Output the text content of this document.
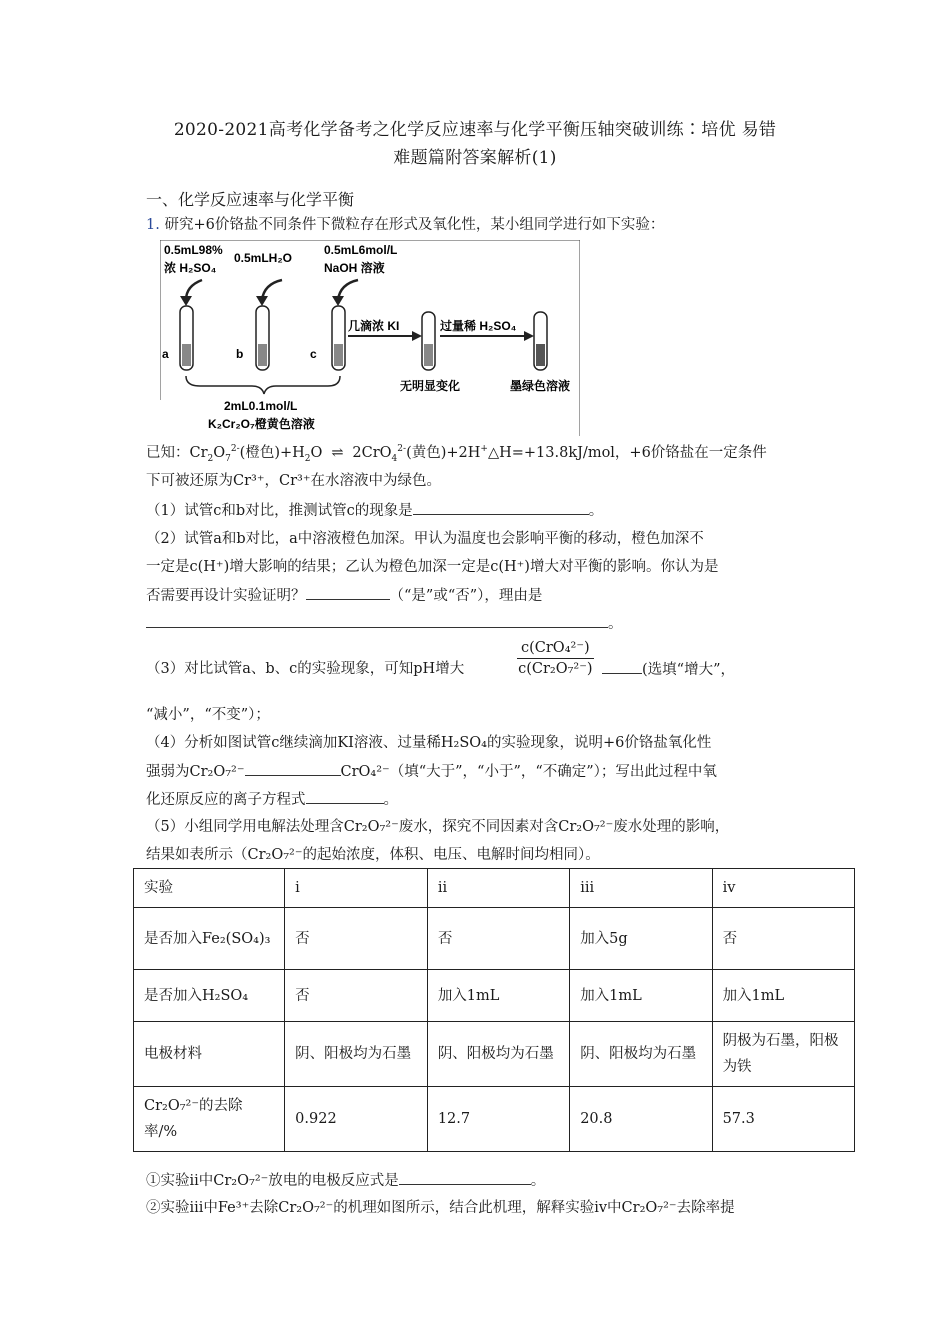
2020-2021高考化学备考之化学反应速率与化学平衡压轴突破训练∶培优 易错
难题篇附答案解析(1)
一、化学反应速率与化学平衡
1. 研究+6价铬盐不同条件下微粒存在形式及氧化性，某小组同学进行如下实验：
0.5mL98%
浓 H₂SO₄
0.5mLH₂O
0.5mL6mol/L
NaOH 溶液
a	b	c
几滴浓 KI	过量稀 H₂SO₄
无明显变化	墨绿色溶液
2mL0.1mol/L
K₂Cr₂O₇橙黄色溶液
已知：$Cr_2O_7^{2-}$(橙色)$+H_2O$ ⇌ 2CrO$_4^{2-}$(黄色)+2H+△H=+13.8kJ/mol，+6价铬盐在一定条件
下可被还原为Cr³⁺，Cr³⁺在水溶液中为绿色。
（1）试管c和b对比，推测试管c的现象是	。
（2）试管a和b对比，a中溶液橙色加深。甲认为温度也会影响平衡的移动，橙色加深不
一定是c(H⁺)增大影响的结果；乙认为橙色加深一定是c(H⁺)增大对平衡的影响。你认为是
否需要再设计实验证明？	（“是”或“否”），理由是
。
（3）对比试管a、b、c的实验现象，可知pH增大
c(CrO₄²⁻)
c(Cr₂O₇²⁻)	(选填“增大”，
“减小”，“不变”）；
（4）分析如图试管c继续滴加KI溶液、过量稀H₂SO₄的实验现象，说明+6价铬盐氧化性
强弱为Cr₂O₇²⁻	CrO₄²⁻（填“大于”，“小于”，“不确定”）；写出此过程中氧
化还原反应的离子方程式	。
（5）小组同学用电解法处理含Cr₂O₇²⁻废水，探究不同因素对含Cr₂O₇²⁻废水处理的影响，
结果如表所示（Cr₂O₇²⁻的起始浓度，体积、电压、电解时间均相同）。
实验	i	ii	iii	iv
是否加入Fe₂(SO₄)₃	否	否	加入5g	否
是否加入H₂SO₄	否	加入1mL	加入1mL	加入1mL
电极材料	阴、阳极均为石墨	阴、阳极均为石墨	阴、阳极均为石墨	阴极为石墨，阳极为铁
Cr₂O₇²⁻的去除率/%	0.922	12.7	20.8	57.3
①实验ii中Cr₂O₇²⁻放电的电极反应式是	。
②实验iii中Fe³⁺去除Cr₂O₇²⁻的机理如图所示，结合此机理，解释实验iv中Cr₂O₇²⁻去除率提
